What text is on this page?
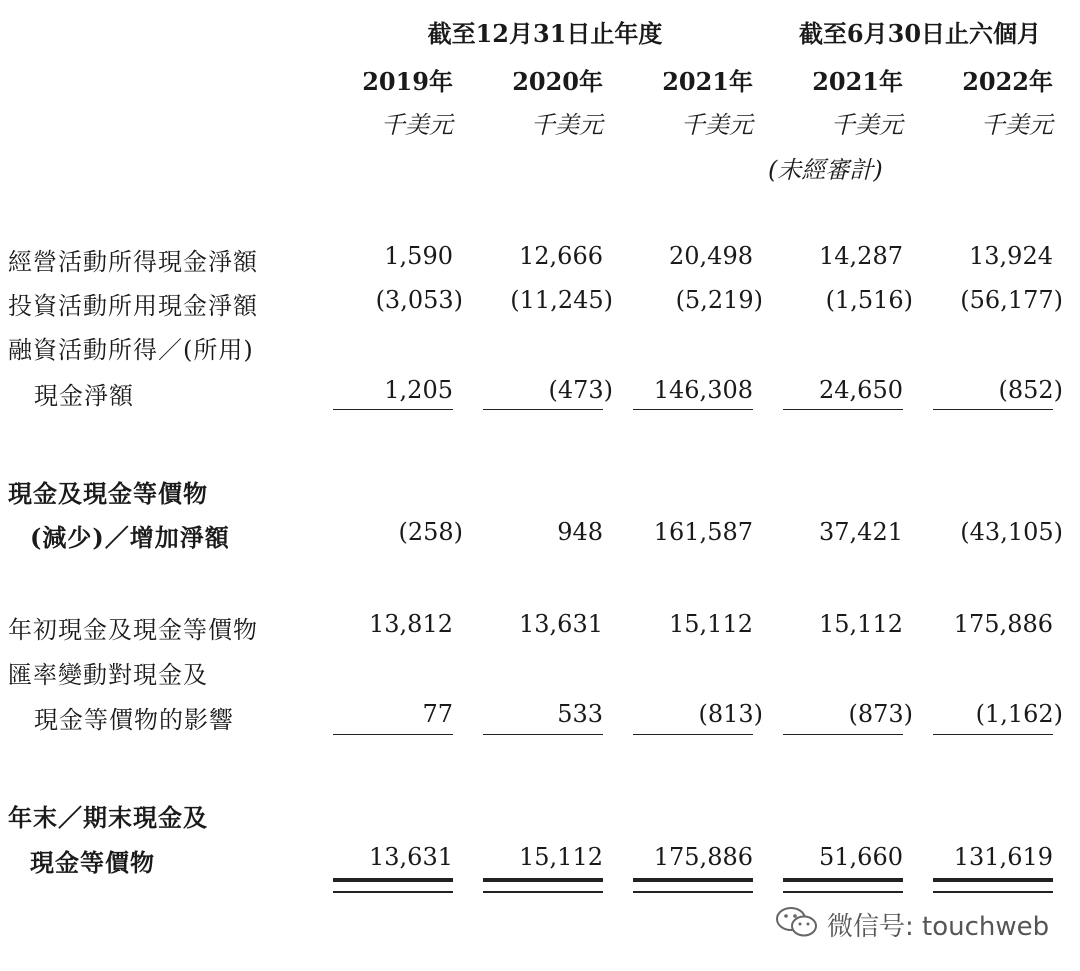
截至12月31日止年度	截至6月30日止六個月
2019年	2020年	2021年	2021年	2022年
千美元	千美元	千美元	千美元	千美元
(未經審計)
經營活動所得現金淨額	1,590	12,666	20,498	14,287	13,924
投資活動所用現金淨額	(3,053)	(11,245)	(5,219)	(1,516)	(56,177)
融資活動所得／(所用)
現金淨額	1,205	(473)	146,308	24,650	(852)
現金及現金等價物
(減少)／增加淨額	(258)	948	161,587	37,421	(43,105)
年初現金及現金等價物	13,812	13,631	15,112	15,112	175,886
匯率變動對現金及
現金等價物的影響	77	533	(813)	(873)	(1,162)
年末／期末現金及
現金等價物	13,631	15,112	175,886	51,660	131,619
微信号: touchweb
